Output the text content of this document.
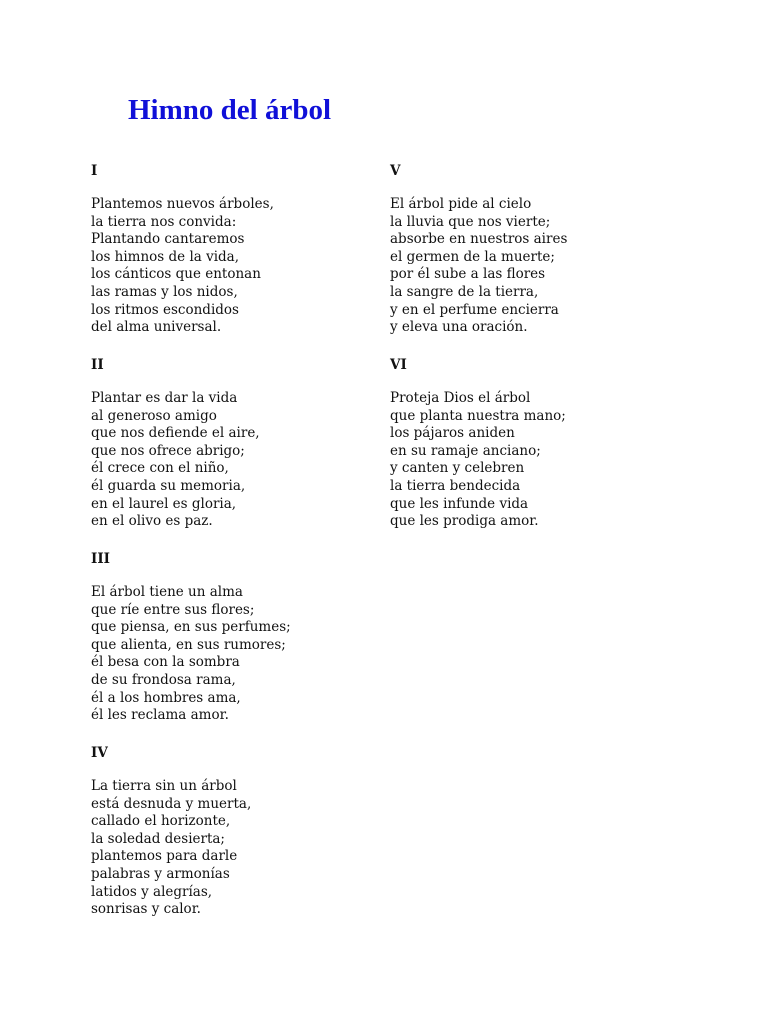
Himno del árbol

I

Plantemos nuevos árboles,
la tierra nos convida:
Plantando cantaremos
los himnos de la vida,
los cánticos que entonan
las ramas y los nidos,
los ritmos escondidos
del alma universal.

II

Plantar es dar la vida
al generoso amigo
que nos defiende el aire,
que nos ofrece abrigo;
él crece con el niño,
él guarda su memoria,
en el laurel es gloria,
en el olivo es paz.

III

El árbol tiene un alma
que ríe entre sus flores;
que piensa, en sus perfumes;
que alienta, en sus rumores;
él besa con la sombra
de su frondosa rama,
él a los hombres ama,
él les reclama amor.

IV

La tierra sin un árbol
está desnuda y muerta,
callado el horizonte,
la soledad desierta;
plantemos para darle
palabras y armonías
latidos y alegrías,
sonrisas y calor.

V

El árbol pide al cielo
la lluvia que nos vierte;
absorbe en nuestros aires
el germen de la muerte;
por él sube a las flores
la sangre de la tierra,
y en el perfume encierra
y eleva una oración.

VI

Proteja Dios el árbol
que planta nuestra mano;
los pájaros aniden
en su ramaje anciano;
y canten y celebren
la tierra bendecida
que les infunde vida
que les prodiga amor.
